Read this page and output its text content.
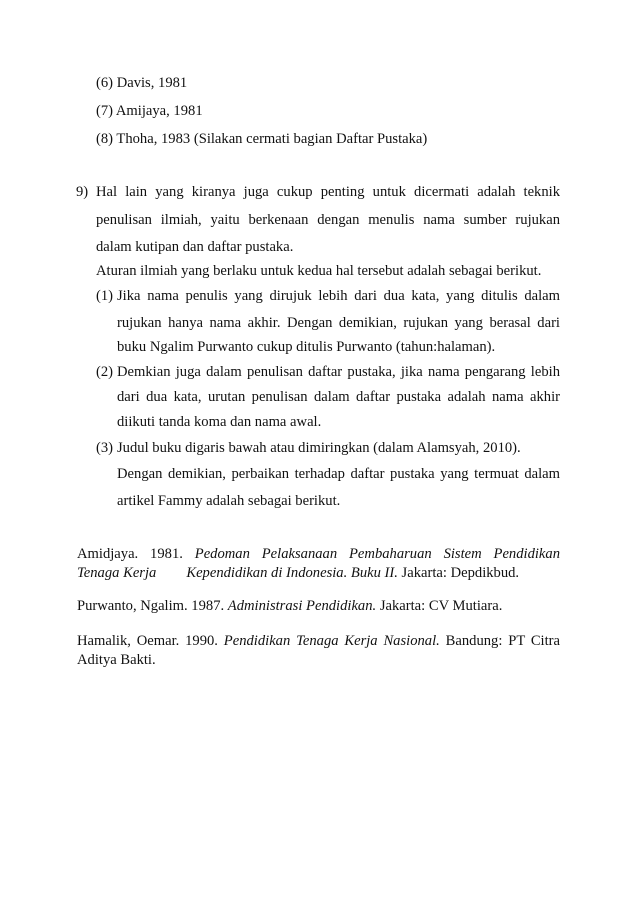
(6) Davis, 1981
(7) Amijaya, 1981
(8) Thoha, 1983 (Silakan cermati bagian Daftar Pustaka)
9) Hal lain yang kiranya juga cukup penting untuk dicermati adalah teknik
penulisan ilmiah, yaitu berkenaan dengan menulis nama sumber rujukan
dalam kutipan dan daftar pustaka.
Aturan ilmiah yang berlaku untuk kedua hal tersebut adalah sebagai berikut.
(1) Jika nama penulis yang dirujuk lebih dari dua kata, yang ditulis dalam
rujukan hanya nama akhir. Dengan demikian, rujukan yang berasal dari
buku Ngalim Purwanto cukup ditulis Purwanto (tahun:halaman).
(2) Demkian juga dalam penulisan daftar pustaka, jika nama pengarang lebih
dari dua kata, urutan penulisan dalam daftar pustaka adalah nama akhir
diikuti tanda koma dan nama awal.
(3) Judul buku digaris bawah atau dimiringkan (dalam Alamsyah, 2010).
Dengan demikian, perbaikan terhadap daftar pustaka yang termuat dalam
artikel Fammy adalah sebagai berikut.
Amidjaya. 1981. Pedoman Pelaksanaan Pembaharuan Sistem Pendidikan
Tenaga Kerja Kependidikan di Indonesia. Buku II. Jakarta: Depdikbud.
Purwanto, Ngalim. 1987. Administrasi Pendidikan. Jakarta: CV Mutiara.
Hamalik, Oemar. 1990. Pendidikan Tenaga Kerja Nasional. Bandung: PT Citra
Aditya Bakti.
